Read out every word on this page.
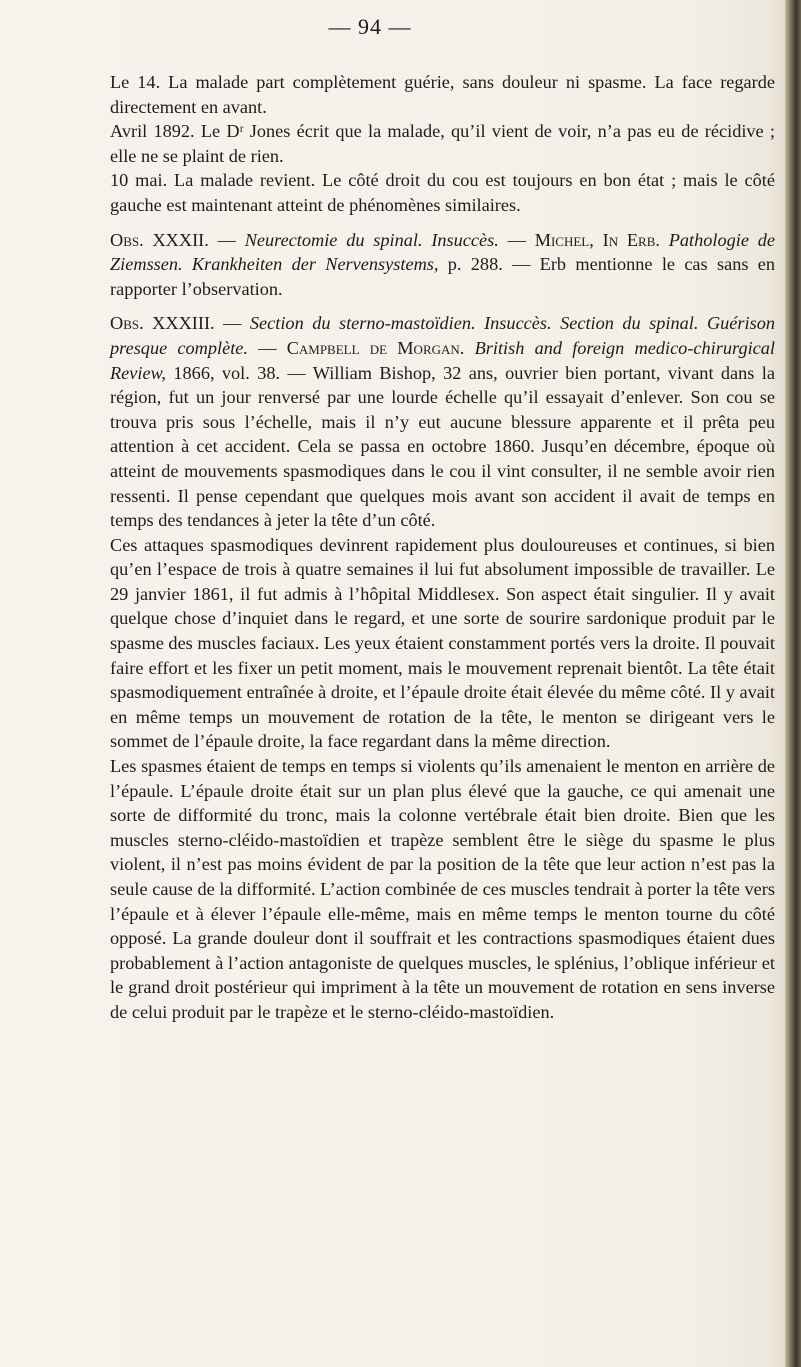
— 94 —

Le 14. La malade part complètement guérie, sans douleur ni spasme. La face regarde directement en avant.

Avril 1892. Le Dʳ Jones écrit que la malade, qu’il vient de voir, n’a pas eu de récidive ; elle ne se plaint de rien.

10 mai. La malade revient. Le côté droit du cou est toujours en bon état ; mais le côté gauche est maintenant atteint de phénomènes similaires.

Obs. XXXII. — Neurectomie du spinal. Insuccès. — Michel, In Erb. Pathologie de Ziemssen. Krankheiten der Nervensystems, p. 288. — Erb mentionne le cas sans en rapporter l’observation.

Obs. XXXIII. — Section du sterno-mastoïdien. Insuccès. Section du spinal. Guérison presque complète. — Campbell de Morgan. British and foreign medico-chirurgical Review, 1866, vol. 38. — William Bishop, 32 ans, ouvrier bien portant, vivant dans la région, fut un jour renversé par une lourde échelle qu’il essayait d’enlever. Son cou se trouva pris sous l’échelle, mais il n’y eut aucune blessure apparente et il prêta peu attention à cet accident. Cela se passa en octobre 1860. Jusqu’en décembre, époque où atteint de mouvements spasmodiques dans le cou il vint consulter, il ne semble avoir rien ressenti. Il pense cependant que quelques mois avant son accident il avait de temps en temps des tendances à jeter la tête d’un côté.

Ces attaques spasmodiques devinrent rapidement plus douloureuses et continues, si bien qu’en l’espace de trois à quatre semaines il lui fut absolument impossible de travailler. Le 29 janvier 1861, il fut admis à l’hôpital Middlesex. Son aspect était singulier. Il y avait quelque chose d’inquiet dans le regard, et une sorte de sourire sardonique produit par le spasme des muscles faciaux. Les yeux étaient constamment portés vers la droite. Il pouvait faire effort et les fixer un petit moment, mais le mouvement reprenait bientôt. La tête était spasmodiquement entraînée à droite, et l’épaule droite était élevée du même côté. Il y avait en même temps un mouvement de rotation de la tête, le menton se dirigeant vers le sommet de l’épaule droite, la face regardant dans la même direction.

Les spasmes étaient de temps en temps si violents qu’ils amenaient le menton en arrière de l’épaule. L’épaule droite était sur un plan plus élevé que la gauche, ce qui amenait une sorte de difformité du tronc, mais la colonne vertébrale était bien droite. Bien que les muscles sterno-cléido-mastoïdien et trapèze semblent être le siège du spasme le plus violent, il n’est pas moins évident de par la position de la tête que leur action n’est pas la seule cause de la difformité. L’action combinée de ces muscles tendrait à porter la tête vers l’épaule et à élever l’épaule elle-même, mais en même temps le menton tourne du côté opposé. La grande douleur dont il souffrait et les contractions spasmodiques étaient dues probablement à l’action antagoniste de quelques muscles, le splénius, l’oblique inférieur et le grand droit postérieur qui impriment à la tête un mouvement de rotation en sens inverse de celui produit par le trapèze et le sterno-cléido-mastoïdien.
